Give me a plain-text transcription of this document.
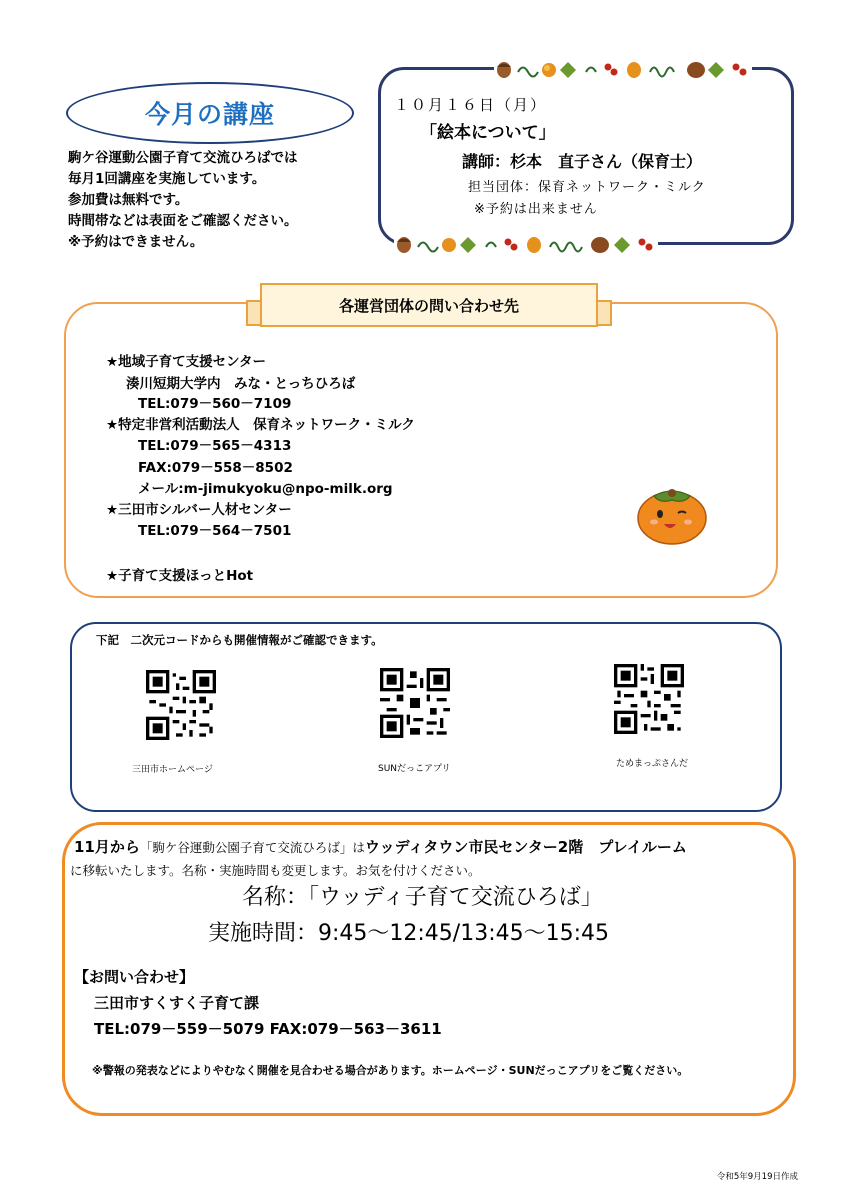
今月の講座
駒ケ谷運動公園子育て交流ひろばでは
毎月1回講座を実施しています。
参加費は無料です。
時間帯などは表面をご確認ください。
※予約はできません。
１０月１６日（月）
「絵本について」
講師：杉本　直子さん（保育士）
担当団体：保育ネットワーク・ミルク
※予約は出来ません
各運営団体の問い合わせ先
★地域子育て支援センター
湊川短期大学内　みな・とっちひろば
TEL:079－560－7109
★特定非営利活動法人　保育ネットワーク・ミルク
TEL:079－565－4313
FAX:079－558－8502
メール:m-jimukyoku@npo-milk.org
★三田市シルバー人材センター
TEL:079－564－7501
★子育て支援ほっとHot
下記　二次元コードからも開催情報がご確認できます。
三田市ホームページ	SUNだっこアプリ	ためまっぷさんだ
11月から「駒ケ谷運動公園子育て交流ひろば」はウッディタウン市民センター2階　プレイルーム
に移転いたします。名称・実施時間も変更します。お気を付けください。
名称：「ウッディ子育て交流ひろば」
実施時間：9:45～12:45/13:45～15:45
【お問い合わせ】
三田市すくすく子育て課
TEL:079－559－5079 FAX:079－563－3611
※警報の発表などによりやむなく開催を見合わせる場合があります。ホームページ・SUNだっこアプリをご覧ください。
令和5年9月19日作成
